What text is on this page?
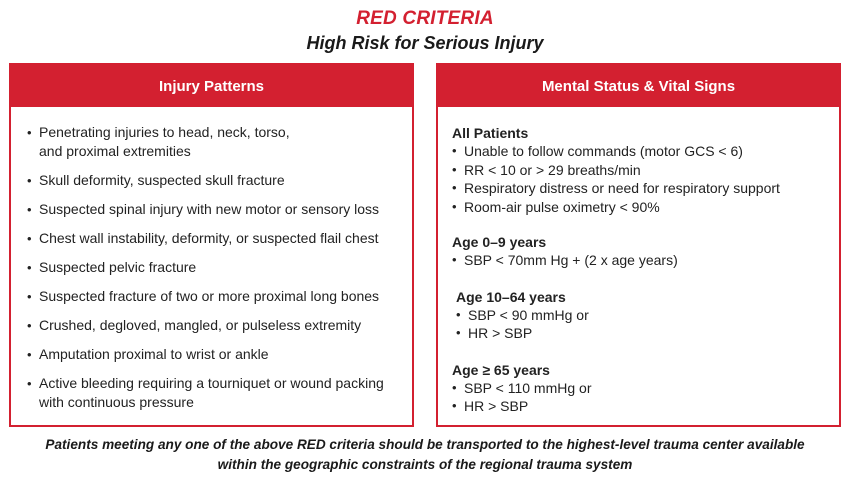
RED CRITERIA
High Risk for Serious Injury
Injury Patterns
• Penetrating injuries to head, neck, torso,
and proximal extremities
• Skull deformity, suspected skull fracture
• Suspected spinal injury with new motor or sensory loss
• Chest wall instability, deformity, or suspected flail chest
• Suspected pelvic fracture
• Suspected fracture of two or more proximal long bones
• Crushed, degloved, mangled, or pulseless extremity
• Amputation proximal to wrist or ankle
• Active bleeding requiring a tourniquet or wound packing
with continuous pressure
Mental Status & Vital Signs
All Patients
• Unable to follow commands (motor GCS < 6)
• RR < 10 or > 29 breaths/min
• Respiratory distress or need for respiratory support
• Room-air pulse oximetry < 90%
Age 0–9 years
• SBP < 70mm Hg + (2 x age years)
Age 10–64 years
• SBP < 90 mmHg or
• HR > SBP
Age ≥ 65 years
• SBP < 110 mmHg or
• HR > SBP
Patients meeting any one of the above RED criteria should be transported to the highest-level trauma center available
within the geographic constraints of the regional trauma system
